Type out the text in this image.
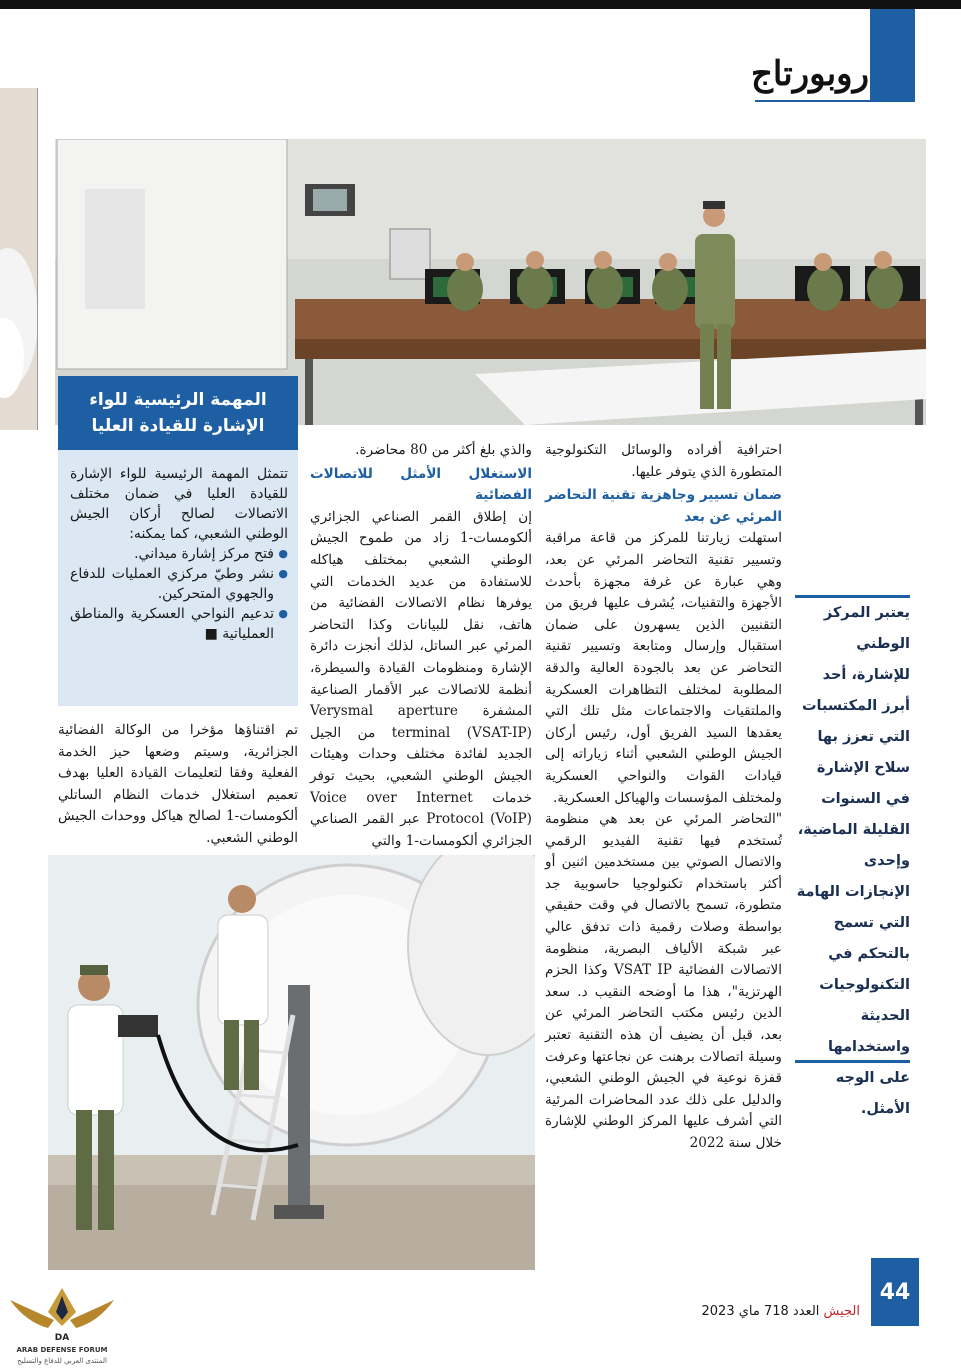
روبورتاج
المهمة الرئيسية للواء
الإشارة للقيادة العليا
تتمثل المهمة الرئيسية للواء الإشارة للقيادة العليا في ضمان مختلف الاتصالات لصالح أركان الجيش الوطني الشعبي، كما يمكنه:
● فتح مركز إشارة ميداني.
● نشر وطيّ مركزي العمليات للدفاع والجهوي المتحركين.
● تدعيم النواحي العسكرية والمناطق العملياتية ■
تم اقتناؤها مؤخرا من الوكالة الفضائية الجزائرية، وسيتم وضعها حيز الخدمة الفعلية وفقا لتعليمات القيادة العليا بهدف تعميم استغلال خدمات النظام الساتلي ألكومسات-1 لصالح هياكل ووحدات الجيش الوطني الشعبي.

والذي بلغ أكثر من 80 محاضرة.

الاستغلال الأمثل للاتصالات الفضائية

إن إطلاق القمر الصناعي الجزائري ألكومسات-1 زاد من طموح الجيش الوطني الشعبي بمختلف هياكله للاستفادة من عديد الخدمات التي يوفرها نظام الاتصالات الفضائية من هاتف، نقل للبيانات وكذا التحاضر المرئي عبر الساتل، لذلك أنجزت دائرة الإشارة ومنظومات القيادة والسيطرة، أنظمة للاتصالات عبر الأقمار الصناعية المشفرة Verysmal aperture terminal (VSAT-IP) من الجيل الجديد لفائدة مختلف وحدات وهيئات الجيش الوطني الشعبي، بحيث توفر خدمات Voice over Internet Protocol (VoIP) عبر القمر الصناعي الجزائري ألكومسات-1 والتي

احترافية أفراده والوسائل التكنولوجية المتطورة الذي يتوفر عليها.

ضمان تسيير وجاهزية تقنية التحاضر المرئي عن بعد

استهلت زيارتنا للمركز من قاعة مراقبة وتسيير تقنية التحاضر المرئي عن بعد، وهي عبارة عن غرفة مجهزة بأحدث الأجهزة والتقنيات، يُشرف عليها فريق من التقنيين الذين يسهرون على ضمان استقبال وإرسال ومتابعة وتسيير تقنية التحاضر عن بعد بالجودة العالية والدقة المطلوبة لمختلف التظاهرات العسكرية والملتقيات والاجتماعات مثل تلك التي يعقدها السيد الفريق أول، رئيس أركان الجيش الوطني الشعبي أثناء زياراته إلى قيادات القوات والنواحي العسكرية ولمختلف المؤسسات والهياكل العسكرية.

"التحاضر المرئي عن بعد هي منظومة تُستخدم فيها تقنية الفيديو الرقمي والاتصال الصوتي بين مستخدمين اثنين أو أكثر باستخدام تكنولوجيا حاسوبية جد متطورة، تسمح بالاتصال في وقت حقيقي بواسطة وصلات رقمية ذات تدفق عالي عبر شبكة الألياف البصرية، منظومة الاتصالات الفضائية VSAT IP وكذا الحزم الهرتزية"، هذا ما أوضحه النقيب د. سعد الدين رئيس مكتب التحاضر المرئي عن بعد، قبل أن يضيف أن هذه التقنية تعتبر وسيلة اتصالات برهنت عن نجاعتها وعرفت قفزة نوعية في الجيش الوطني الشعبي، والدليل على ذلك عدد المحاضرات المرئية التي أشرف عليها المركز الوطني للإشارة خلال سنة 2022

يعتبر المركز الوطني للإشارة، أحد أبرز المكتسبات التي تعزز بها سلاح الإشارة في السنوات القليلة الماضية، وإحدى الإنجازات الهامة التي تسمح بالتحكم في التكنولوجيات الحديثة واستخدامها على الوجه الأمثل.
44
الجيش العدد 718 ماي 2023
DA
ARAB DEFENSE FORUM
المنتدى العربي للدفاع والتسليح
